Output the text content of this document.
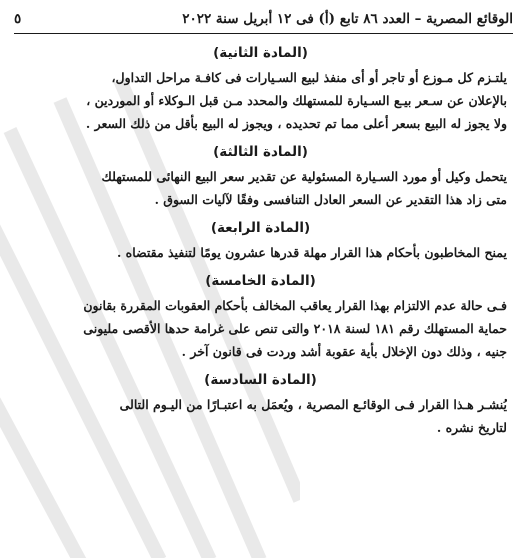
الوقائع المصرية – العدد ٨٦ تابع (أ) فى ١٢ أبريل سنة ٢٠٢٢
٥
(المادة الثانية)

يلتـزم كل مـوزع أو تاجر أو أى منفذ لبيع السـيارات فى كافـة مراحل التداول،
بالإعلان عن سـعر بيـع السـيارة للمستهلك والمحدد مـن قبل الـوكلاء أو الموردين ،
ولا يجوز له البيع بسعر أعلى مما تم تحديده ، ويجوز له البيع بأقل من ذلك السعر .

(المادة الثالثة)

يتحمل وكيل أو مورد السـيارة المسئولية عن تقدير سعر البيع النهائى للمستهلك
متى زاد هذا التقدير عن السعر العادل التنافسى وفقًا لآليات السوق .

(المادة الرابعة)

يمنح المخاطبون بأحكام هذا القرار مهلة قدرها عشرون يومًا لتنفيذ مقتضاه .

(المادة الخامسة)

فـى حالة عدم الالتزام بهذا القرار يعاقب المخالف بأحكام العقوبات المقررة بقانون
حماية المستهلك رقم ١٨١ لسنة ٢٠١٨ والتى تنص على غرامة حدها الأقصى مليونى
جنيه ، وذلك دون الإخلال بأية عقوبة أشد وردت فى قانون آخر .

(المادة السادسة)

يُنشـر هـذا القرار فـى الوقائـع المصرية ، ويُعمَل به اعتبـارًا من اليـوم التالى
لتاريخ نشره .
